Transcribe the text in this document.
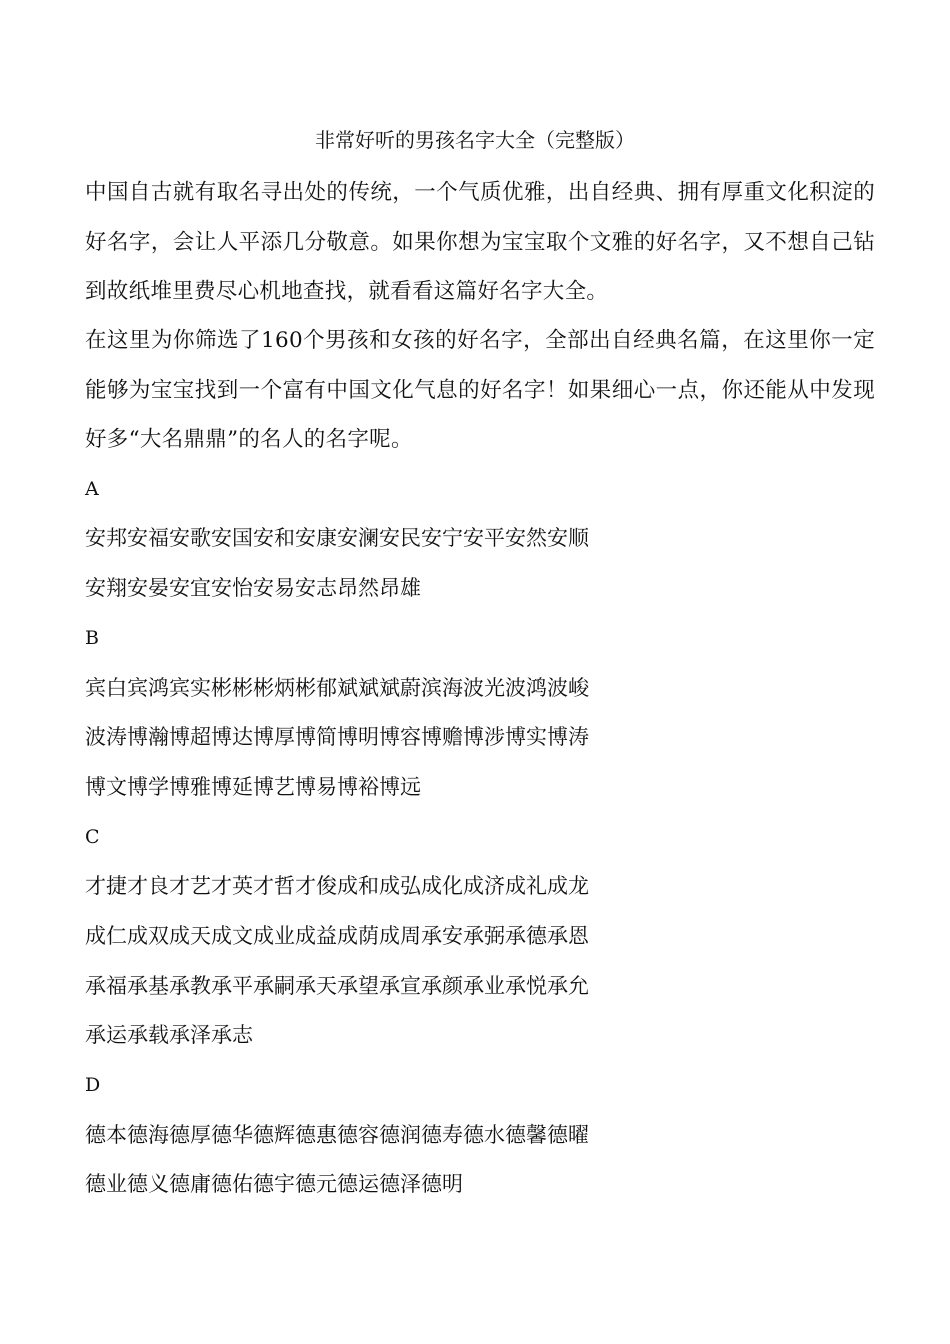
非常好听的男孩名字大全（完整版）

中国自古就有取名寻出处的传统，一个气质优雅，出自经典、拥有厚重文化积淀的好名字，会让人平添几分敬意。如果你想为宝宝取个文雅的好名字，又不想自己钻到故纸堆里费尽心机地查找，就看看这篇好名字大全。

在这里为你筛选了160个男孩和女孩的好名字，全部出自经典名篇，在这里你一定能够为宝宝找到一个富有中国文化气息的好名字！如果细心一点，你还能从中发现好多“大名鼎鼎”的名人的名字呢。

A
安邦安福安歌安国安和安康安澜安民安宁安平安然安顺
安翔安晏安宜安怡安易安志昂然昂雄
B
宾白宾鸿宾实彬彬彬炳彬郁斌斌斌蔚滨海波光波鸿波峻
波涛博瀚博超博达博厚博简博明博容博赡博涉博实博涛
博文博学博雅博延博艺博易博裕博远
C
才捷才良才艺才英才哲才俊成和成弘成化成济成礼成龙
成仁成双成天成文成业成益成荫成周承安承弼承德承恩
承福承基承教承平承嗣承天承望承宣承颜承业承悦承允
承运承载承泽承志
D
德本德海德厚德华德辉德惠德容德润德寿德水德馨德曜
德业德义德庸德佑德宇德元德运德泽德明
